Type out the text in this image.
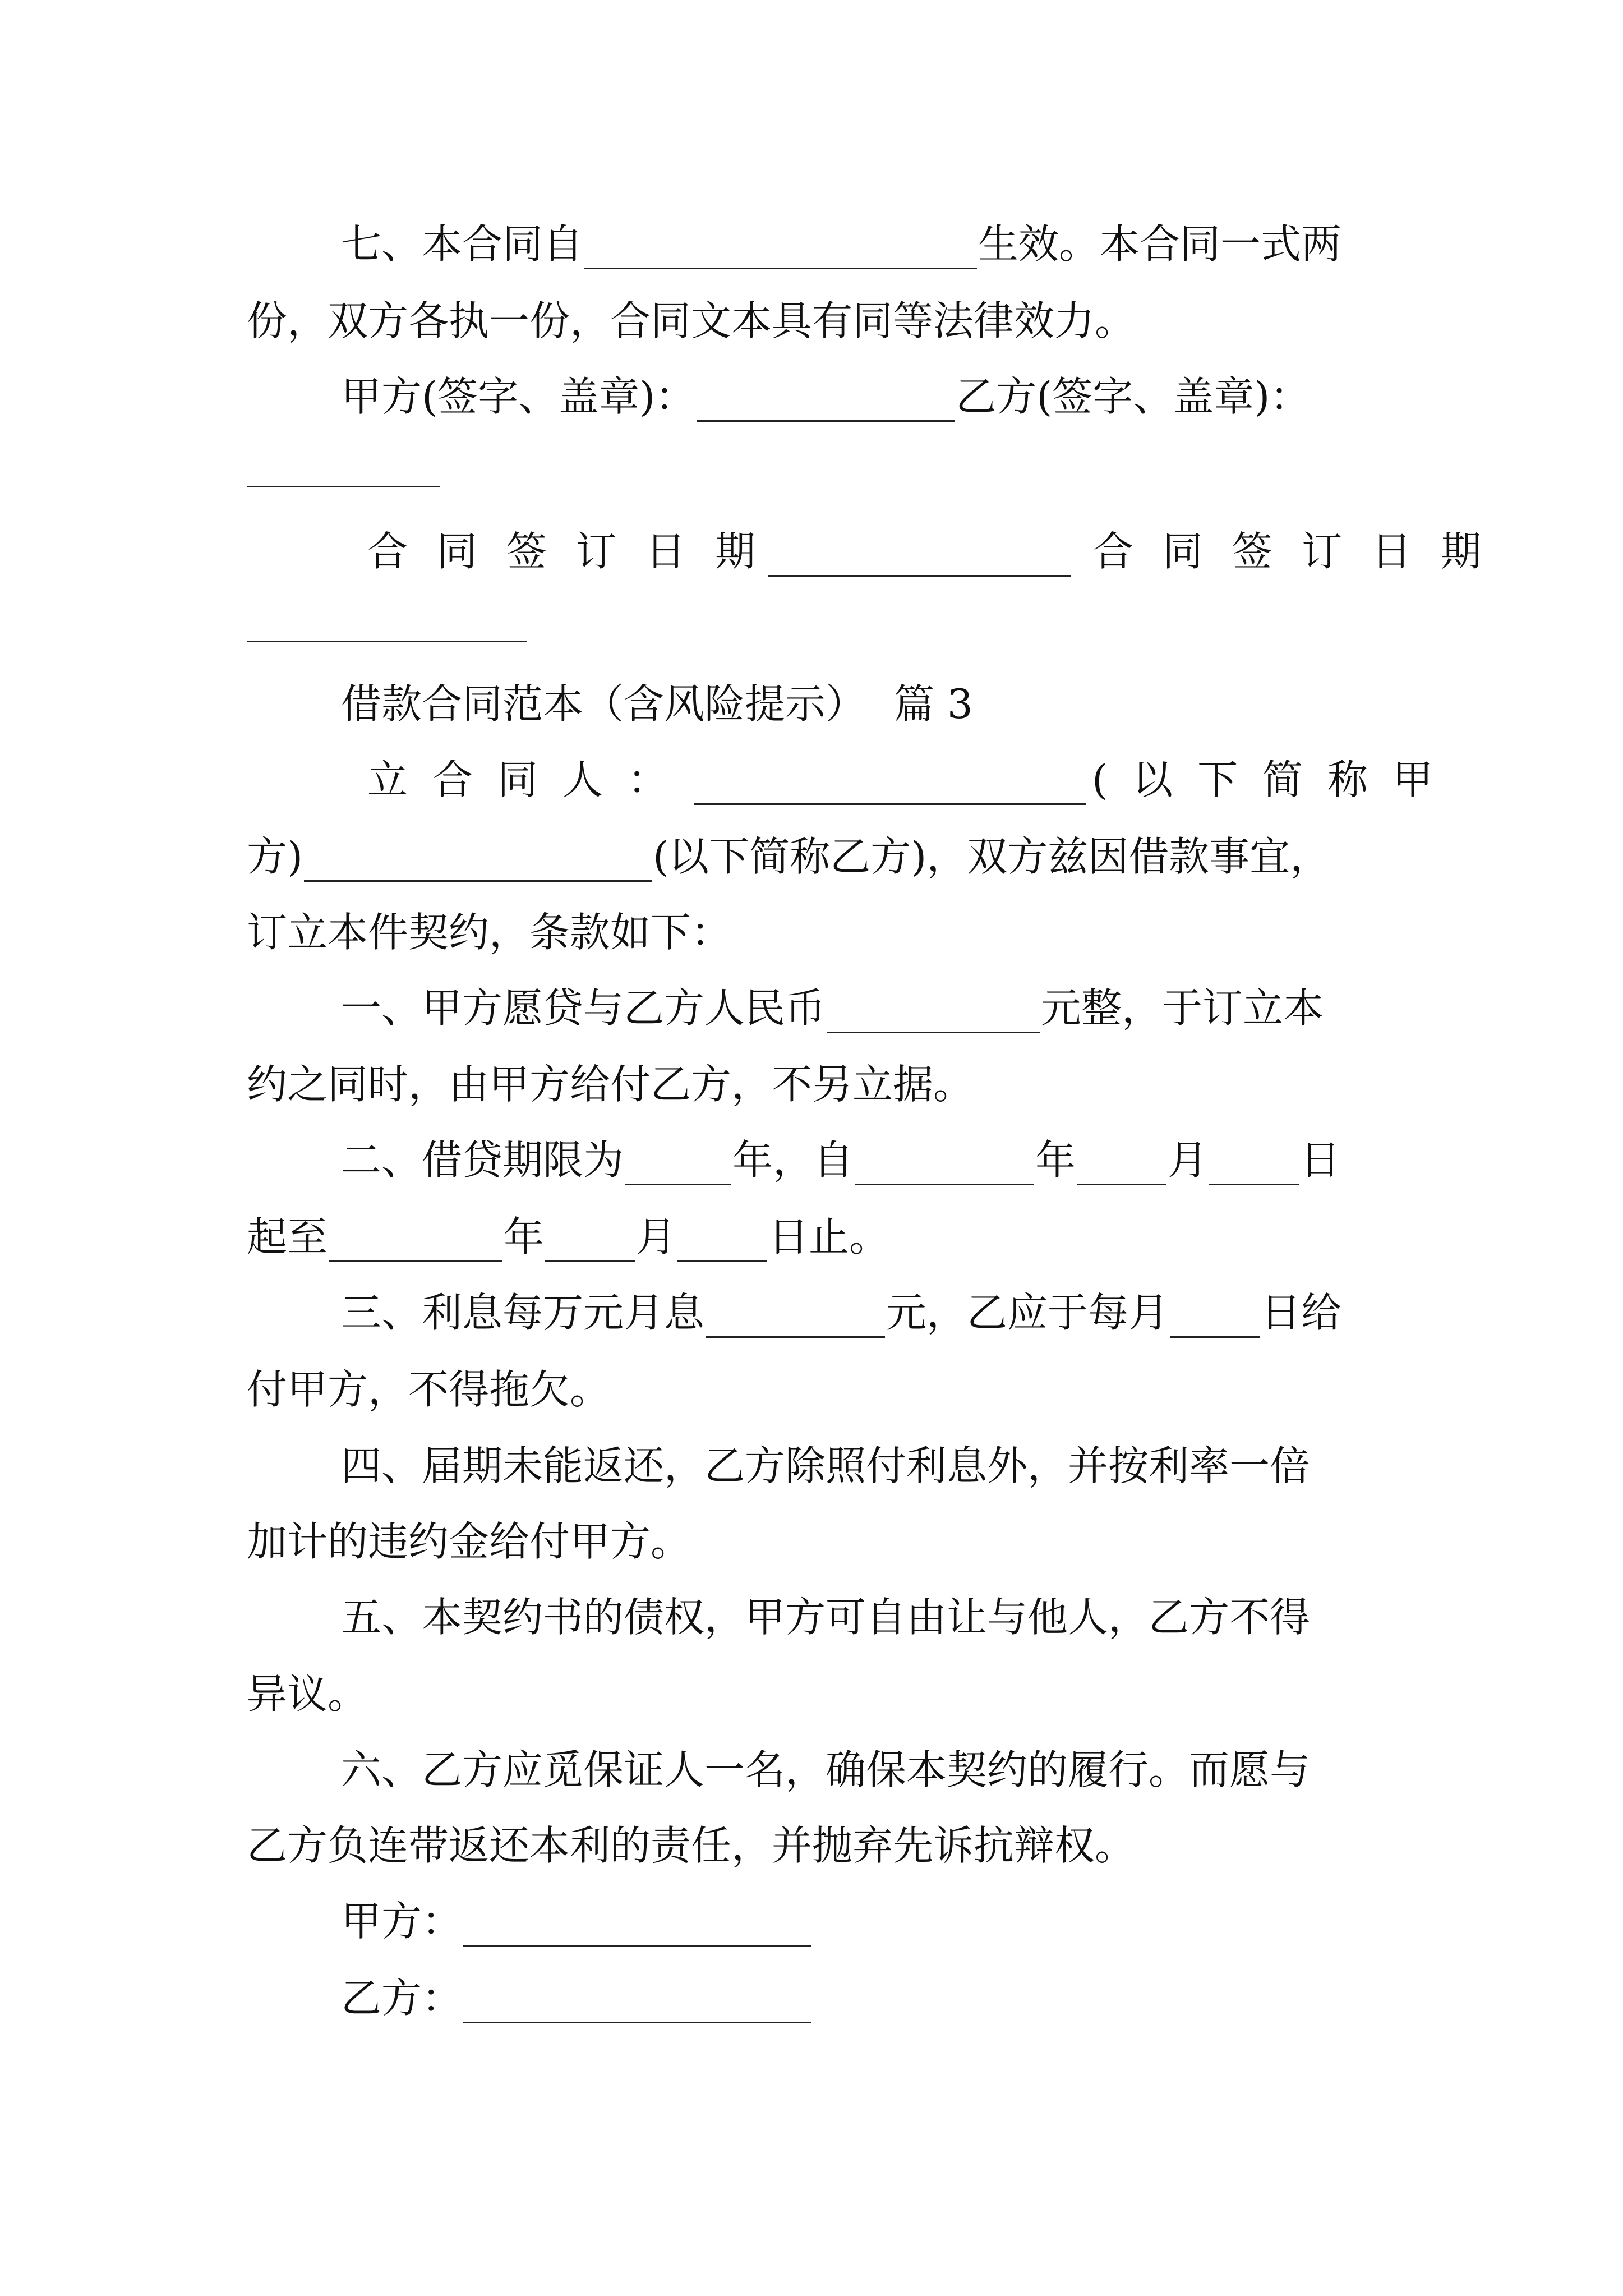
七、本合同自	生效。本合同一式两
份，双方各执一份，合同文本具有同等法律效力。
甲方(签字、盖章)：	乙方(签字、盖章)：
合同签订日期	合同签订日期
借款合同范本（含风险提示） 篇 3
立合同人：	(以下简称甲
方)	(以下简称乙方)，双方兹因借款事宜，
订立本件契约，条款如下：
一、甲方愿贷与乙方人民币	元整，于订立本
约之同时，由甲方给付乙方，不另立据。
二、借贷期限为	年，自	年 月 日
起至	年 月 日止。
三、利息每万元月息	元，乙应于每月 日给
付甲方，不得拖欠。
四、届期未能返还，乙方除照付利息外，并按利率一倍
加计的违约金给付甲方。
五、本契约书的债权，甲方可自由让与他人，乙方不得
异议。
六、乙方应觅保证人一名，确保本契约的履行。而愿与
乙方负连带返还本利的责任，并抛弃先诉抗辩权。
甲方：
乙方：
